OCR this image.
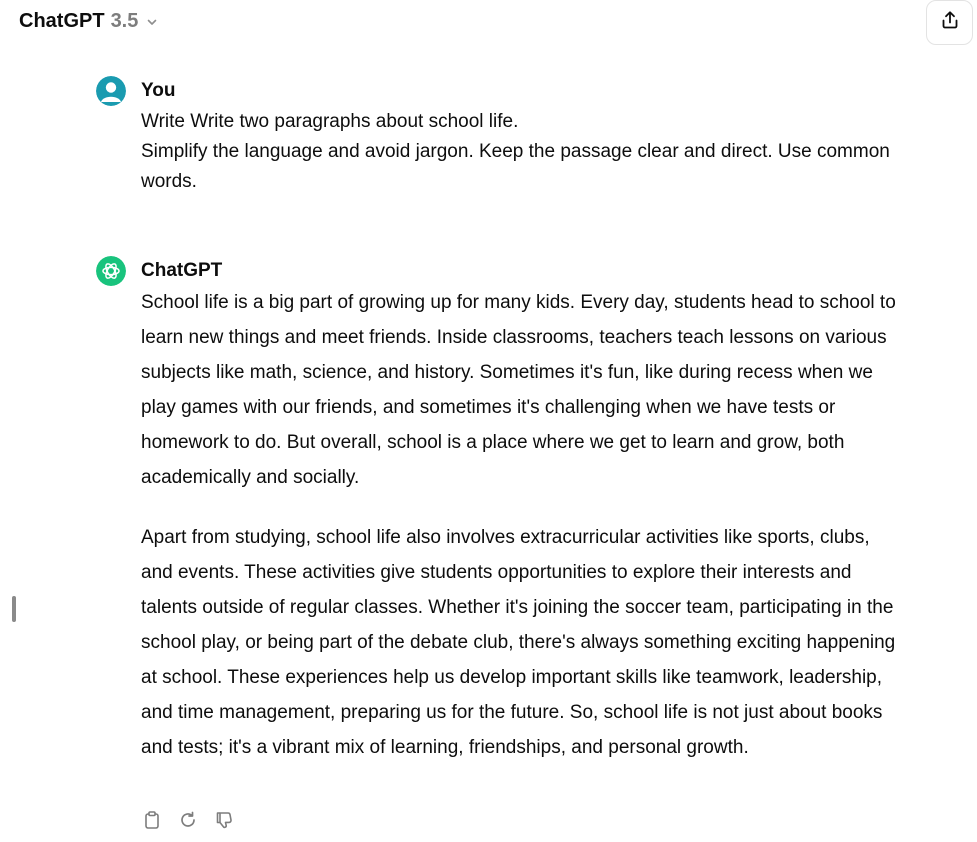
ChatGPT 3.5
You
Write Write two paragraphs about school life.
Simplify the language and avoid jargon. Keep the passage clear and direct. Use common words.
ChatGPT

School life is a big part of growing up for many kids. Every day, students head to school to learn new things and meet friends. Inside classrooms, teachers teach lessons on various subjects like math, science, and history. Sometimes it's fun, like during recess when we play games with our friends, and sometimes it's challenging when we have tests or homework to do. But overall, school is a place where we get to learn and grow, both academically and socially.

Apart from studying, school life also involves extracurricular activities like sports, clubs, and events. These activities give students opportunities to explore their interests and talents outside of regular classes. Whether it's joining the soccer team, participating in the school play, or being part of the debate club, there's always something exciting happening at school. These experiences help us develop important skills like teamwork, leadership, and time management, preparing us for the future. So, school life is not just about books and tests; it's a vibrant mix of learning, friendships, and personal growth.
